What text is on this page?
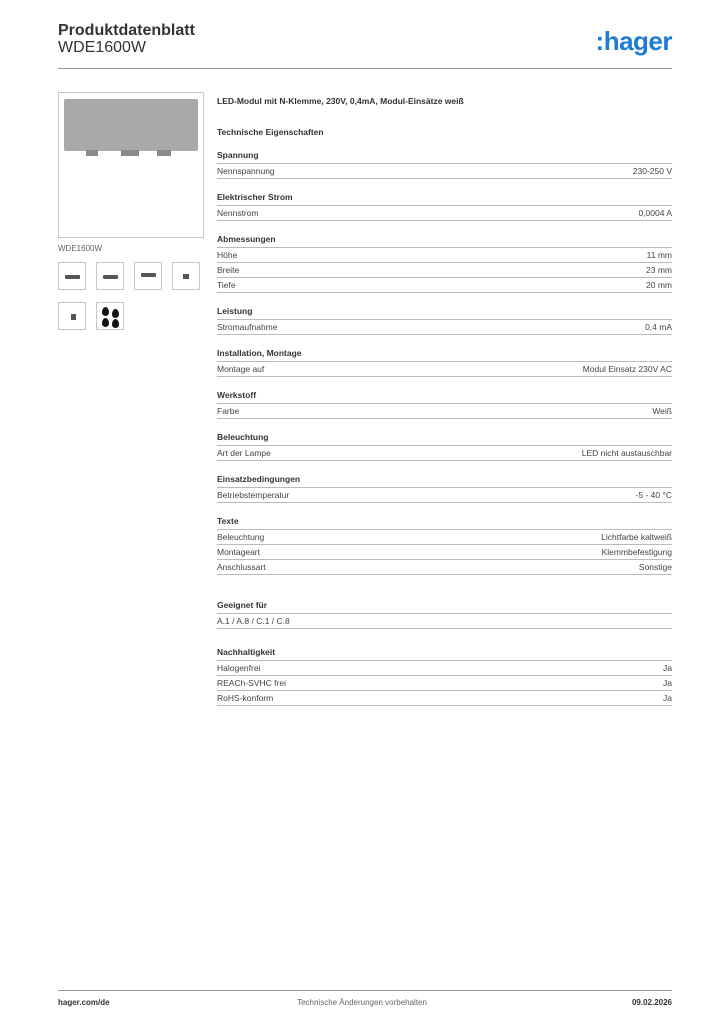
Produktdatenblatt
WDE1600W	:hager
WDE1600W
LED-Modul mit N-Klemme, 230V, 0,4mA, Modul-Einsätze weiß
Technische Eigenschaften
Spannung
Nennspannung	230-250 V
Elektrischer Strom
Nennstrom	0,0004 A
Abmessungen
Höhe	11 mm
Breite	23 mm
Tiefe	20 mm
Leistung
Stromaufnahme	0,4 mA
Installation, Montage
Montage auf	Modul Einsatz 230V AC
Werkstoff
Farbe	Weiß
Beleuchtung
Art der Lampe	LED nicht austauschbar
Einsatzbedingungen
Betriebstemperatur	-5 - 40 °C
Texte
Beleuchtung	Lichtfarbe kaltweiß
Montageart	Klemmbefestigung
Anschlussart	Sonstige
Geeignet für
A.1 / A.8 / C.1 / C.8
Nachhaltigkeit
Halogenfrei	Ja
REACh-SVHC frei	Ja
RoHS-konform	Ja
hager.com/de	Technische Änderungen vorbehalten	09.02.2026
